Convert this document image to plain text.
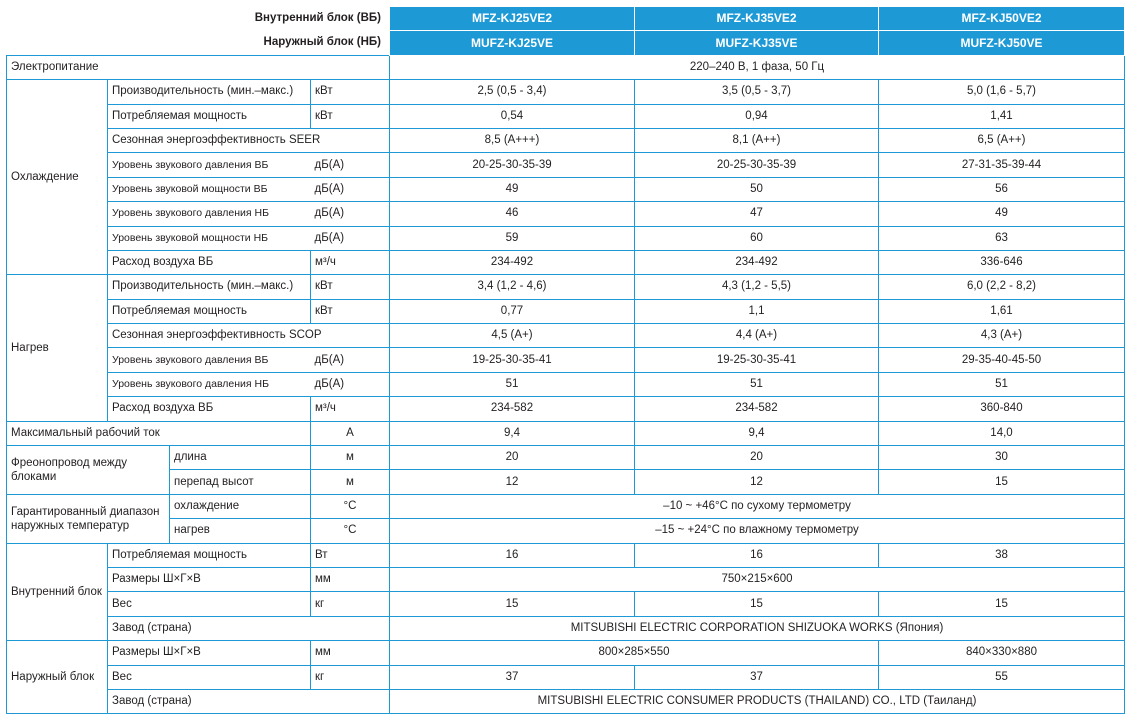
Внутренний блок (ВБ)				MFZ-KJ25VE2	MFZ-KJ35VE2	MFZ-KJ50VE2
Наружный блок (НБ)				MUFZ-KJ25VE	MUFZ-KJ35VE	MUFZ-KJ50VE
Электропитание				220–240 В, 1 фаза, 50 Гц		
Охлаждение	Производительность (мин.–макс.)		кВт	2,5 (0,5 - 3,4)	3,5 (0,5 - 3,7)	5,0 (1,6 - 5,7)
	Потребляемая мощность		кВт	0,54	0,94	1,41
	Сезонная энергоэффективность SEER			8,5 (A+++)	8,1 (A++)	6,5 (A++)
	Уровень звукового давления ВБ		дБ(А)	20-25-30-35-39	20-25-30-35-39	27-31-35-39-44
	Уровень звуковой мощности ВБ		дБ(А)	49	50	56
	Уровень звукового давления НБ		дБ(А)	46	47	49
	Уровень звуковой мощности НБ		дБ(А)	59	60	63
	Расход воздуха ВБ		м³/ч	234-492	234-492	336-646
Нагрев	Производительность (мин.–макс.)		кВт	3,4 (1,2 - 4,6)	4,3 (1,2 - 5,5)	6,0 (2,2 - 8,2)
	Потребляемая мощность		кВт	0,77	1,1	1,61
	Сезонная энергоэффективность SCOP			4,5 (A+)	4,4 (A+)	4,3 (A+)
	Уровень звукового давления ВБ		дБ(А)	19-25-30-35-41	19-25-30-35-41	29-35-40-45-50
	Уровень звукового давления НБ		дБ(А)	51	51	51
	Расход воздуха ВБ		м³/ч	234-582	234-582	360-840
Максимальный рабочий ток			А	9,4	9,4	14,0
Фреонопровод между блоками		длина	м	20	20	30
		перепад высот	м	12	12	15
Гарантированный диапазон наружных температур		охлаждение	°C	–10 ~ +46°C по сухому термометру		
		нагрев	°C	–15 ~ +24°C по влажному термометру		
Внутренний блок	Потребляемая мощность		Вт	16	16	38
	Размеры Ш×Г×В		мм	750×215×600		
	Вес		кг	15	15	15
	Завод (страна)			MITSUBISHI ELECTRIC CORPORATION SHIZUOKA WORKS (Япония)		
Наружный блок	Размеры Ш×Г×В		мм	800×285×550		840×330×880
	Вес		кг	37	37	55
	Завод (страна)			MITSUBISHI ELECTRIC CONSUMER PRODUCTS (THAILAND) CO., LTD (Таиланд)		
